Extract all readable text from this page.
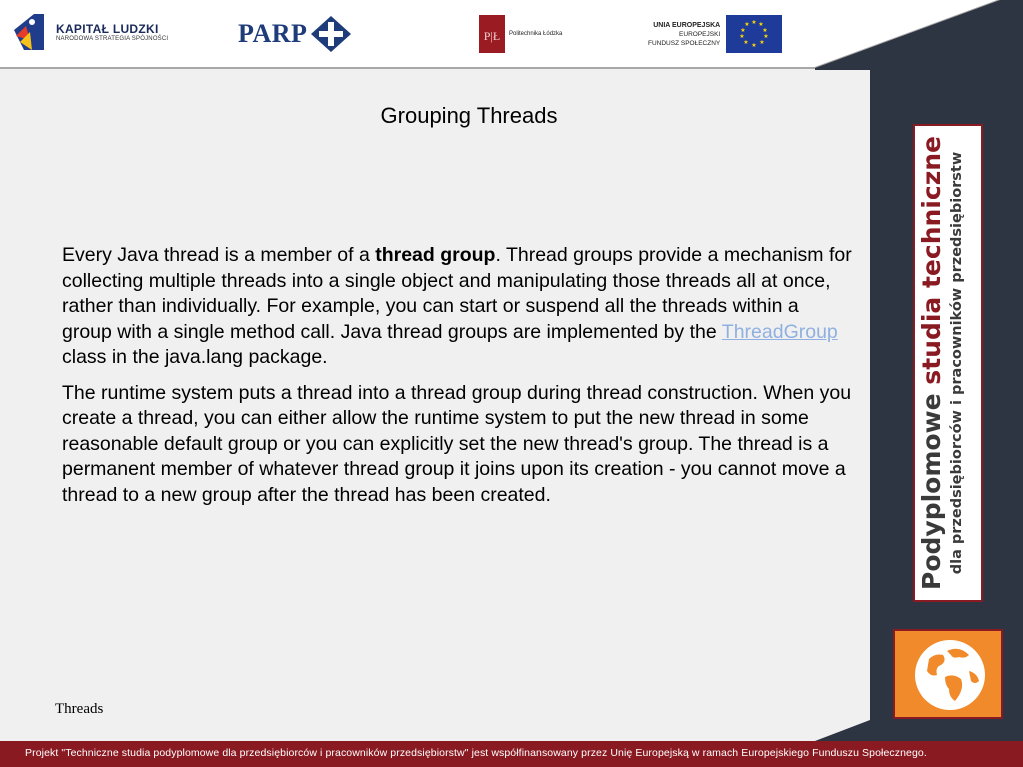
KAPITAŁ LUDZKI
NARODOWA STRATEGIA SPÓJNOŚCI	PARP	P|Ł Politechnika Łódzka
UNIA EUROPEJSKA
EUROPEJSKI
FUNDUSZ SPOŁECZNY
★ ★
★
★
★
★
★
★
★
★
Grouping Threads

Every Java thread is a member of a thread group. Thread groups provide a mechanism for collecting multiple threads into a single object and manipulating those threads all at once, rather than individually. For example, you can start or suspend all the threads within a group with a single method call. Java thread groups are implemented by the ThreadGroup class in the java.lang package.

The runtime system puts a thread into a thread group during thread construction. When you create a thread, you can either allow the runtime system to put the new thread in some reasonable default group or you can explicitly set the new thread's group. The thread is a permanent member of whatever thread group it joins upon its creation - you cannot move a thread to a new group after the thread has been created.

Threads
Podyplomowe studia techniczne dla przedsiębiorców i pracowników przedsiębiorstw
Projekt "Techniczne studia podyplomowe dla przedsiębiorców i pracowników przedsiębiorstw" jest współfinansowany przez Unię Europejską w ramach Europejskiego Funduszu Społecznego.
